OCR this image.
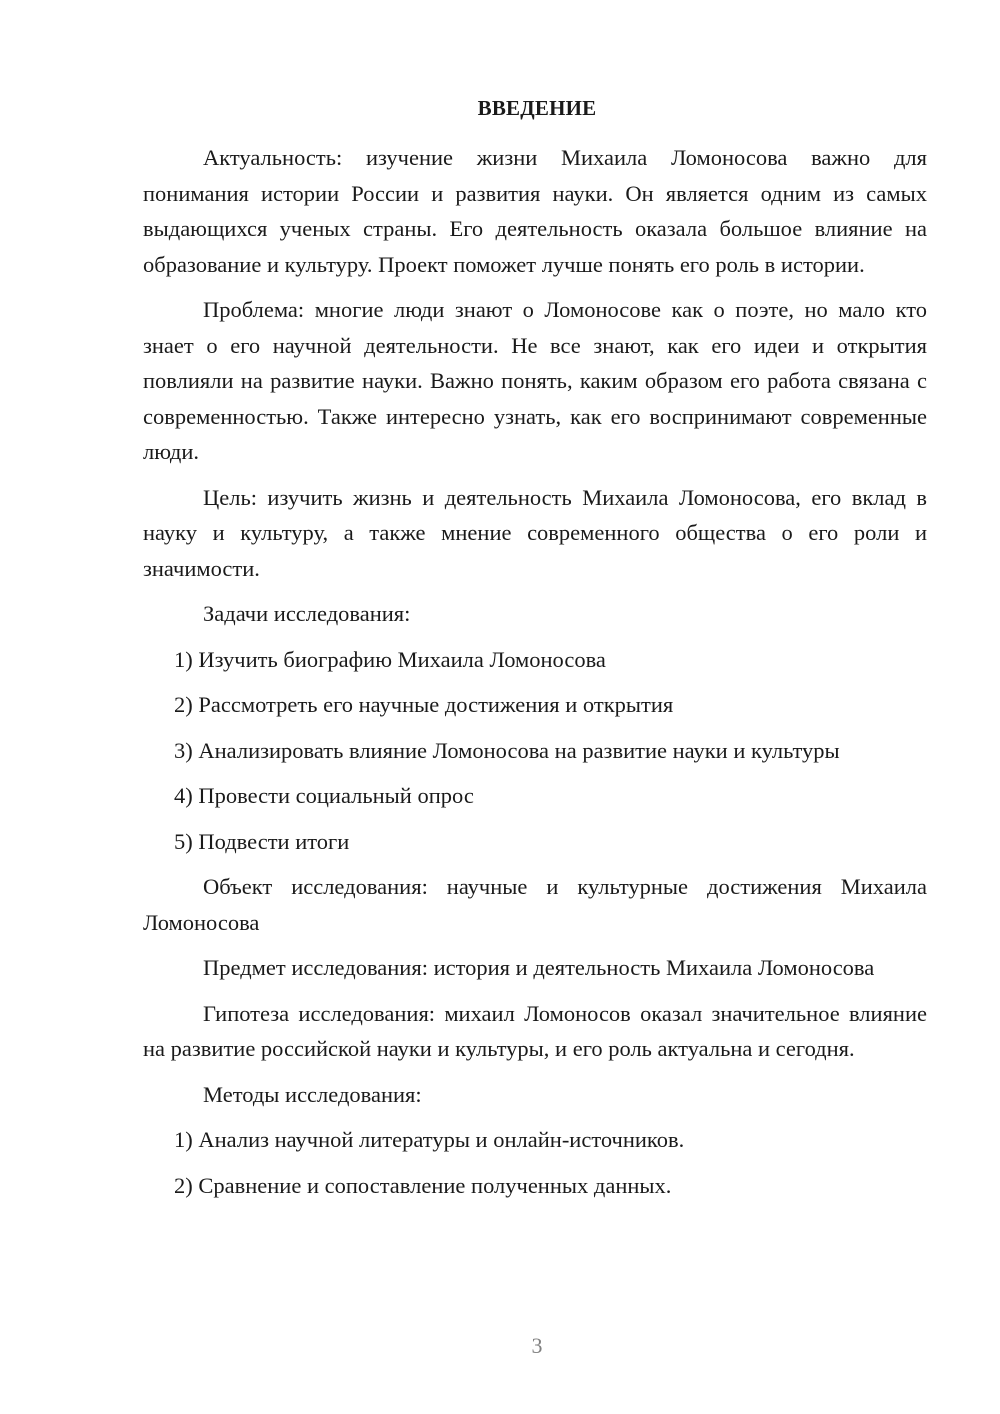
ВВЕДЕНИЕ

Актуальность: изучение жизни Михаила Ломоносова важно для понимания истории России и развития науки. Он является одним из самых выдающихся ученых страны. Его деятельность оказала большое влияние на образование и культуру. Проект поможет лучше понять его роль в истории.

Проблема: многие люди знают о Ломоносове как о поэте, но мало кто знает о его научной деятельности. Не все знают, как его идеи и открытия повлияли на развитие науки. Важно понять, каким образом его работа связана с современностью. Также интересно узнать, как его воспринимают современные люди.

Цель: изучить жизнь и деятельность Михаила Ломоносова, его вклад в науку и культуру, а также мнение современного общества о его роли и значимости.

Задачи исследования:

1) Изучить биографию Михаила Ломоносова

2) Рассмотреть его научные достижения и открытия

3) Анализировать влияние Ломоносова на развитие науки и культуры

4) Провести социальный опрос

5) Подвести итоги

Объект исследования: научные и культурные достижения Михаила Ломоносова

Предмет исследования: история и деятельность Михаила Ломоносова

Гипотеза исследования: михаил Ломоносов оказал значительное влияние на развитие российской науки и культуры, и его роль актуальна и сегодня.

Методы исследования:

1) Анализ научной литературы и онлайн-источников.

2) Сравнение и сопоставление полученных данных.

3
